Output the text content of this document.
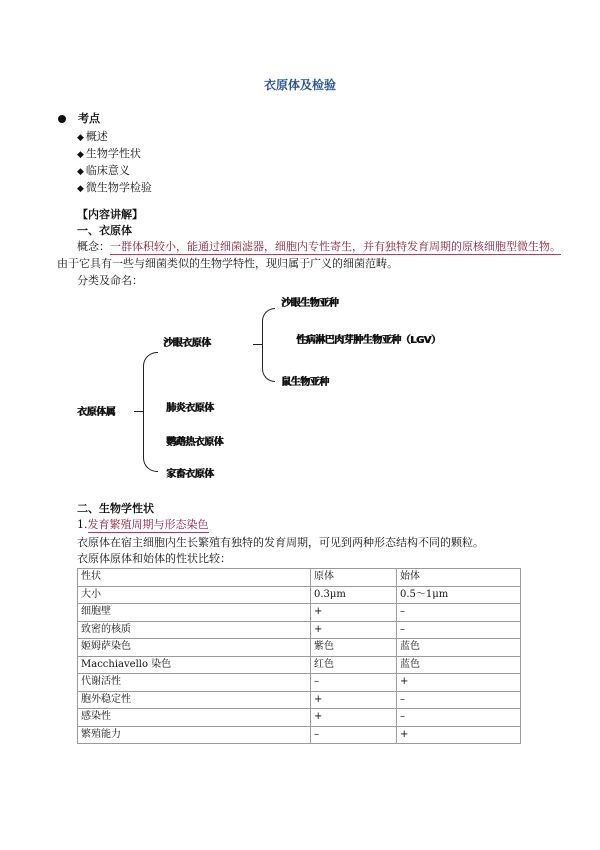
衣原体及检验
考点
◆ 概述
◆ 生物学性状
◆ 临床意义
◆ 微生物学检验
【内容讲解】
一、衣原体
概念：一群体积较小，能通过细菌滤器，细胞内专性寄生，并有独特发育周期的原核细胞型微生物。
由于它具有一些与细菌类似的生物学特性，现归属于广义的细菌范畴。
分类及命名：
衣原体属
沙眼衣原体
肺炎衣原体
鹦鹉热衣原体
家畜衣原体
沙眼生物亚种
性病淋巴肉芽肿生物亚种（LGV）
鼠生物亚种
二、生物学性状
1.发育繁殖周期与形态染色
衣原体在宿主细胞内生长繁殖有独特的发育周期，可见到两种形态结构不同的颗粒。
衣原体原体和始体的性状比较：
性状	原体	始体
大小	0.3μm	0.5～1μm
细胞壁	+	–
致密的核质	+	–
姬姆萨染色	紫色	蓝色
Macchiavello 染色	红色	蓝色
代谢活性	–	+
胞外稳定性	+	–
感染性	+	–
繁殖能力	–	+
